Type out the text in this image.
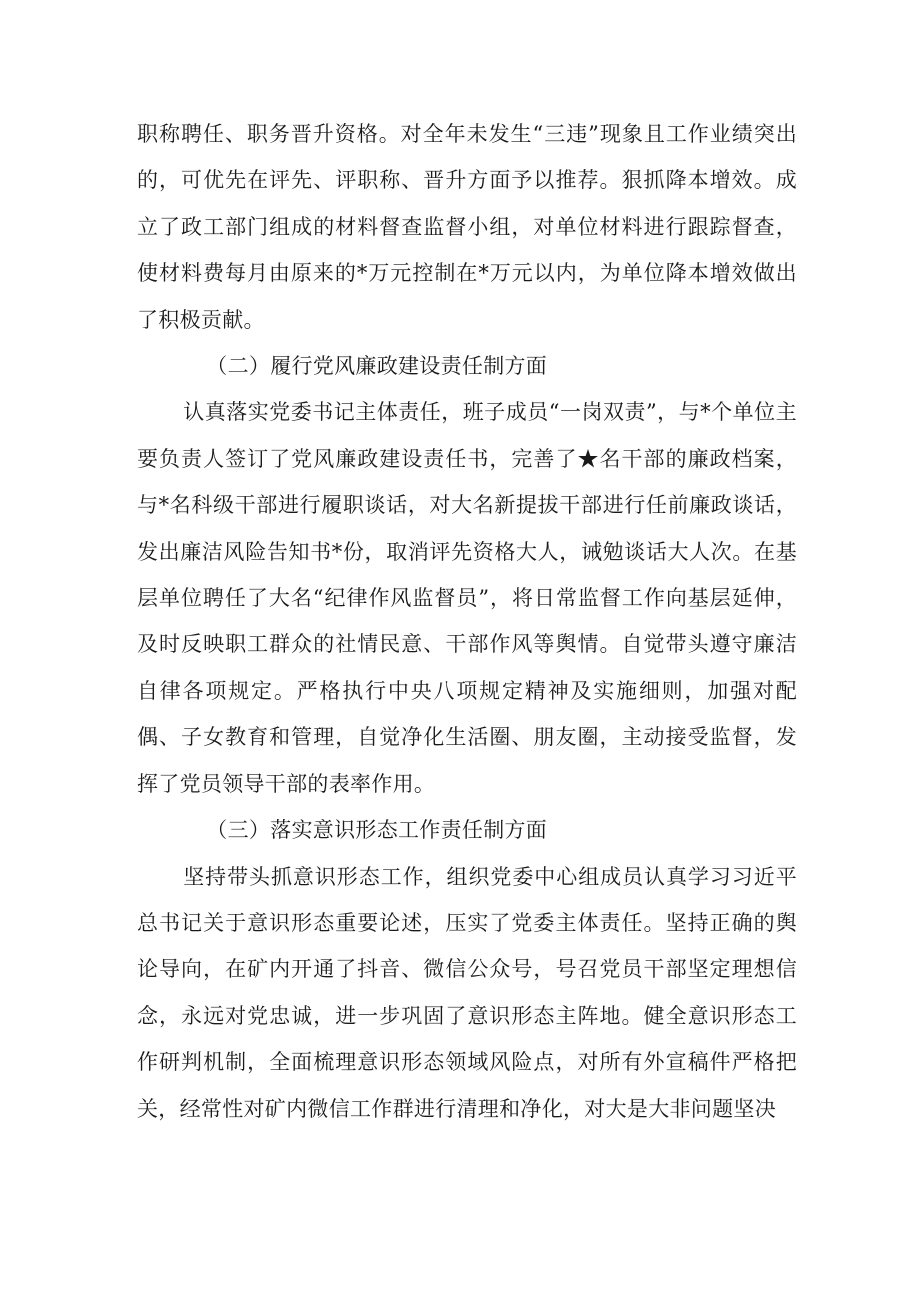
职称聘任、职务晋升资格。对全年未发生“三违”现象且工作业绩突出的，可优先在评先、评职称、晋升方面予以推荐。狠抓降本增效。成立了政工部门组成的材料督查监督小组，对单位材料进行跟踪督查，使材料费每月由原来的*万元控制在*万元以内，为单位降本增效做出了积极贡献。

（二）履行党风廉政建设责任制方面

认真落实党委书记主体责任，班子成员“一岗双责”，与*个单位主要负责人签订了党风廉政建设责任书，完善了★名干部的廉政档案，与*名科级干部进行履职谈话，对大名新提拔干部进行任前廉政谈话，发出廉洁风险告知书*份，取消评先资格大人，诫勉谈话大人次。在基层单位聘任了大名“纪律作风监督员”，将日常监督工作向基层延伸，及时反映职工群众的社情民意、干部作风等舆情。自觉带头遵守廉洁自律各项规定。严格执行中央八项规定精神及实施细则，加强对配偶、子女教育和管理，自觉净化生活圈、朋友圈，主动接受监督，发挥了党员领导干部的表率作用。

（三）落实意识形态工作责任制方面

坚持带头抓意识形态工作，组织党委中心组成员认真学习习近平总书记关于意识形态重要论述，压实了党委主体责任。坚持正确的舆论导向，在矿内开通了抖音、微信公众号，号召党员干部坚定理想信念，永远对党忠诚，进一步巩固了意识形态主阵地。健全意识形态工作研判机制，全面梳理意识形态领域风险点，对所有外宣稿件严格把关，经常性对矿内微信工作群进行清理和净化，对大是大非问题坚决
